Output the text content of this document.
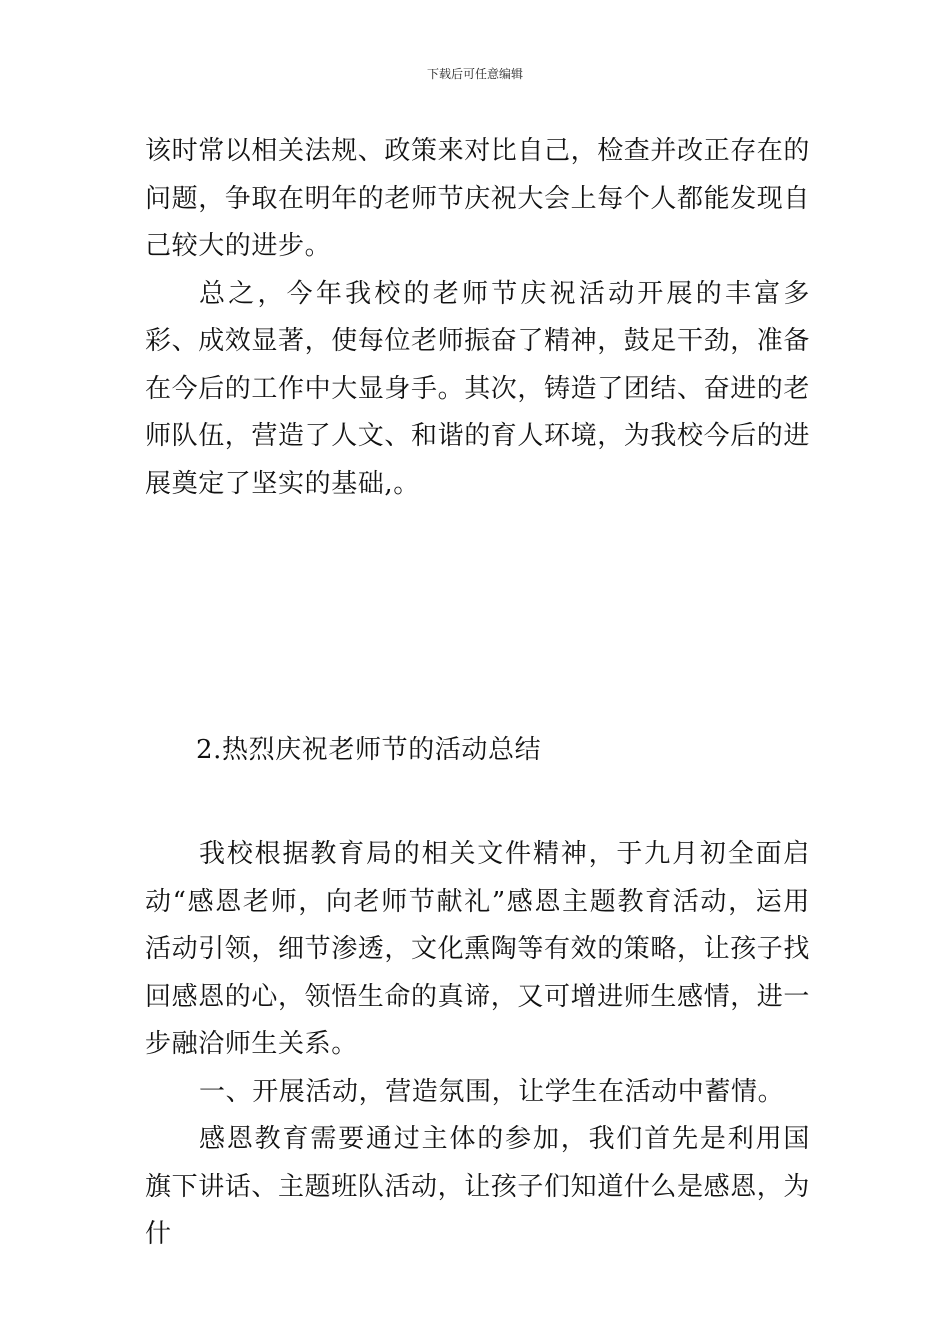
下载后可任意编辑

该时常以相关法规、政策来对比自己，检查并改正存在的问题，争取在明年的老师节庆祝大会上每个人都能发现自己较大的进步。

总之，今年我校的老师节庆祝活动开展的丰富多彩、成效显著，使每位老师振奋了精神，鼓足干劲，准备在今后的工作中大显身手。其次，铸造了团结、奋进的老师队伍，营造了人文、和谐的育人环境，为我校今后的进展奠定了坚实的基础,。

2.热烈庆祝老师节的活动总结

我校根据教育局的相关文件精神，于九月初全面启动“感恩老师，向老师节献礼”感恩主题教育活动，运用活动引领，细节渗透，文化熏陶等有效的策略，让孩子找回感恩的心，领悟生命的真谛，又可增进师生感情，进一步融洽师生关系。

一、开展活动，营造氛围，让学生在活动中蓄情。

感恩教育需要通过主体的参加，我们首先是利用国旗下讲话、主题班队活动，让孩子们知道什么是感恩，为什
